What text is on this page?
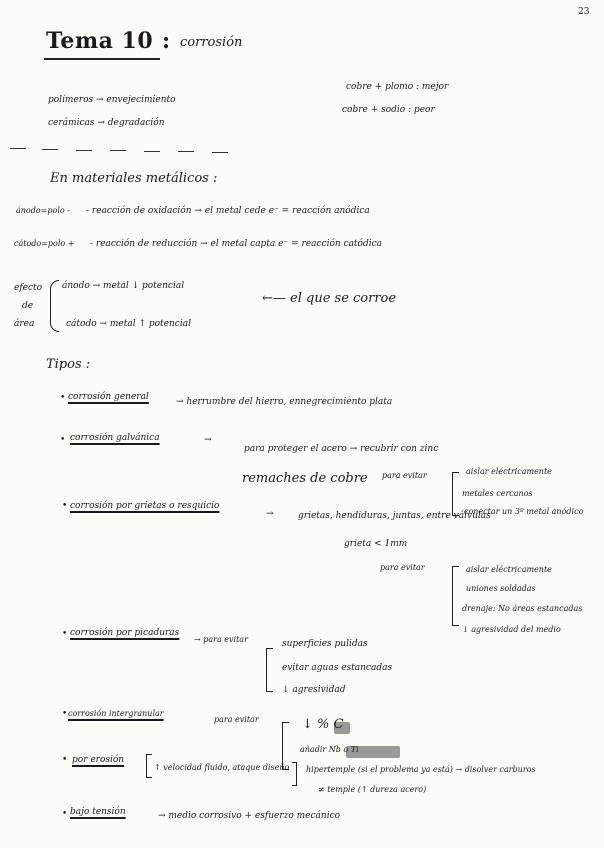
23
Tema 10 : corrosión
polímeros → envejecimiento
cerámicas → degradación
cobre + plomo : mejor
cobre + sodio : peor
En materiales metálicos :
ánodo=polo - - reacción de oxidación → el metal cede e⁻ = reacción anódica
cátodo=polo + - reacción de reducción → el metal capta e⁻ = reacción catódica
efecto
de
área
ánodo → metal ↓ potencial
←— el que se corroe
cátodo → metal ↑ potencial
Tipos :
• corrosión general	→ herrumbre del hierro, ennegrecimiento plata
• corrosión galvánica	→
para proteger el acero → recubrir con zinc
remaches de cobre para evitar	aislar eléctricamente
metales cercanos
conectar un 3º metal anódico
• corrosión por grietas o resquicio
→	grietas, hendiduras, juntas, entre válvulas
grieta < 1mm
para evitar	aislar eléctricamente
uniones soldadas
drenaje: No áreas estancadas
↓ agresividad del medio
• corrosión por picaduras
→ para evitar	superficies pulidas
evitar aguas estancadas
↓ agresividad
• corrosión intergranular
para evitar	↓ % C
añadir Nb o Ti
hipertemple (si el problema ya está) → disolver carburos
≠ temple (↑ dureza acero)
• por erosión
↑ velocidad fluido, ataque diseño
• bajo tensión	→ medio corrosivo + esfuerzo mecánico
